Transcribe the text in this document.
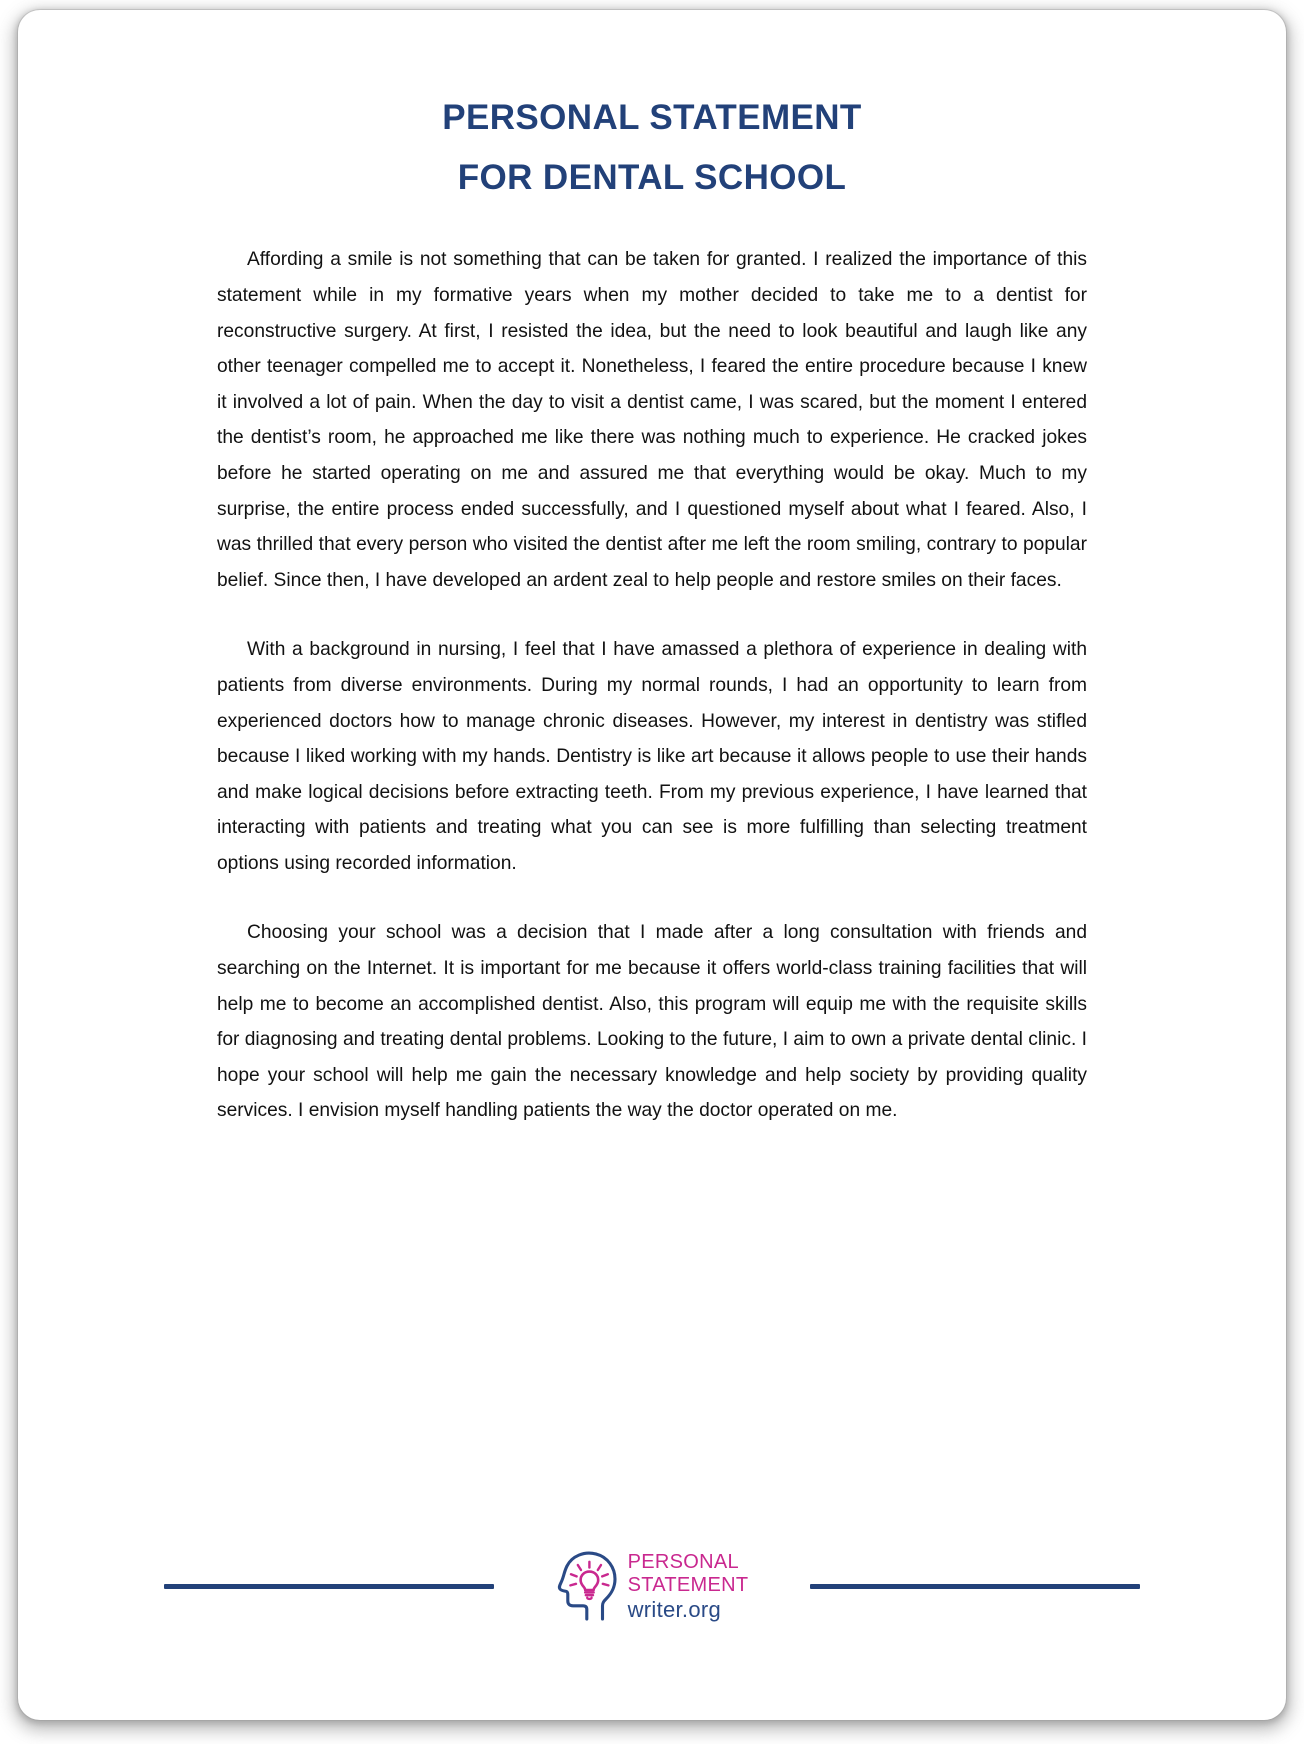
PERSONAL STATEMENT
FOR DENTAL SCHOOL

Affording a smile is not something that can be taken for granted. I realized the importance of this statement while in my formative years when my mother decided to take me to a dentist for reconstructive surgery. At first, I resisted the idea, but the need to look beautiful and laugh like any other teenager compelled me to accept it. Nonetheless, I feared the entire procedure because I knew it involved a lot of pain. When the day to visit a dentist came, I was scared, but the moment I entered the dentist’s room, he approached me like there was nothing much to experience. He cracked jokes before he started operating on me and assured me that everything would be okay. Much to my surprise, the entire process ended successfully, and I questioned myself about what I feared. Also, I was thrilled that every person who visited the dentist after me left the room smiling, contrary to popular belief. Since then, I have developed an ardent zeal to help people and restore smiles on their faces.

With a background in nursing, I feel that I have amassed a plethora of experience in dealing with patients from diverse environments. During my normal rounds, I had an opportunity to learn from experienced doctors how to manage chronic diseases. However, my interest in dentistry was stifled because I liked working with my hands. Dentistry is like art because it allows people to use their hands and make logical decisions before extracting teeth. From my previous experience, I have learned that interacting with patients and treating what you can see is more fulfilling than selecting treatment options using recorded information.

Choosing your school was a decision that I made after a long consultation with friends and searching on the Internet. It is important for me because it offers world-class training facilities that will help me to become an accomplished dentist. Also, this program will equip me with the requisite skills for diagnosing and treating dental problems. Looking to the future, I aim to own a private dental clinic. I hope your school will help me gain the necessary knowledge and help society by providing quality services. I envision myself handling patients the way the doctor operated on me.

PERSONAL
STATEMENT
writer.org
